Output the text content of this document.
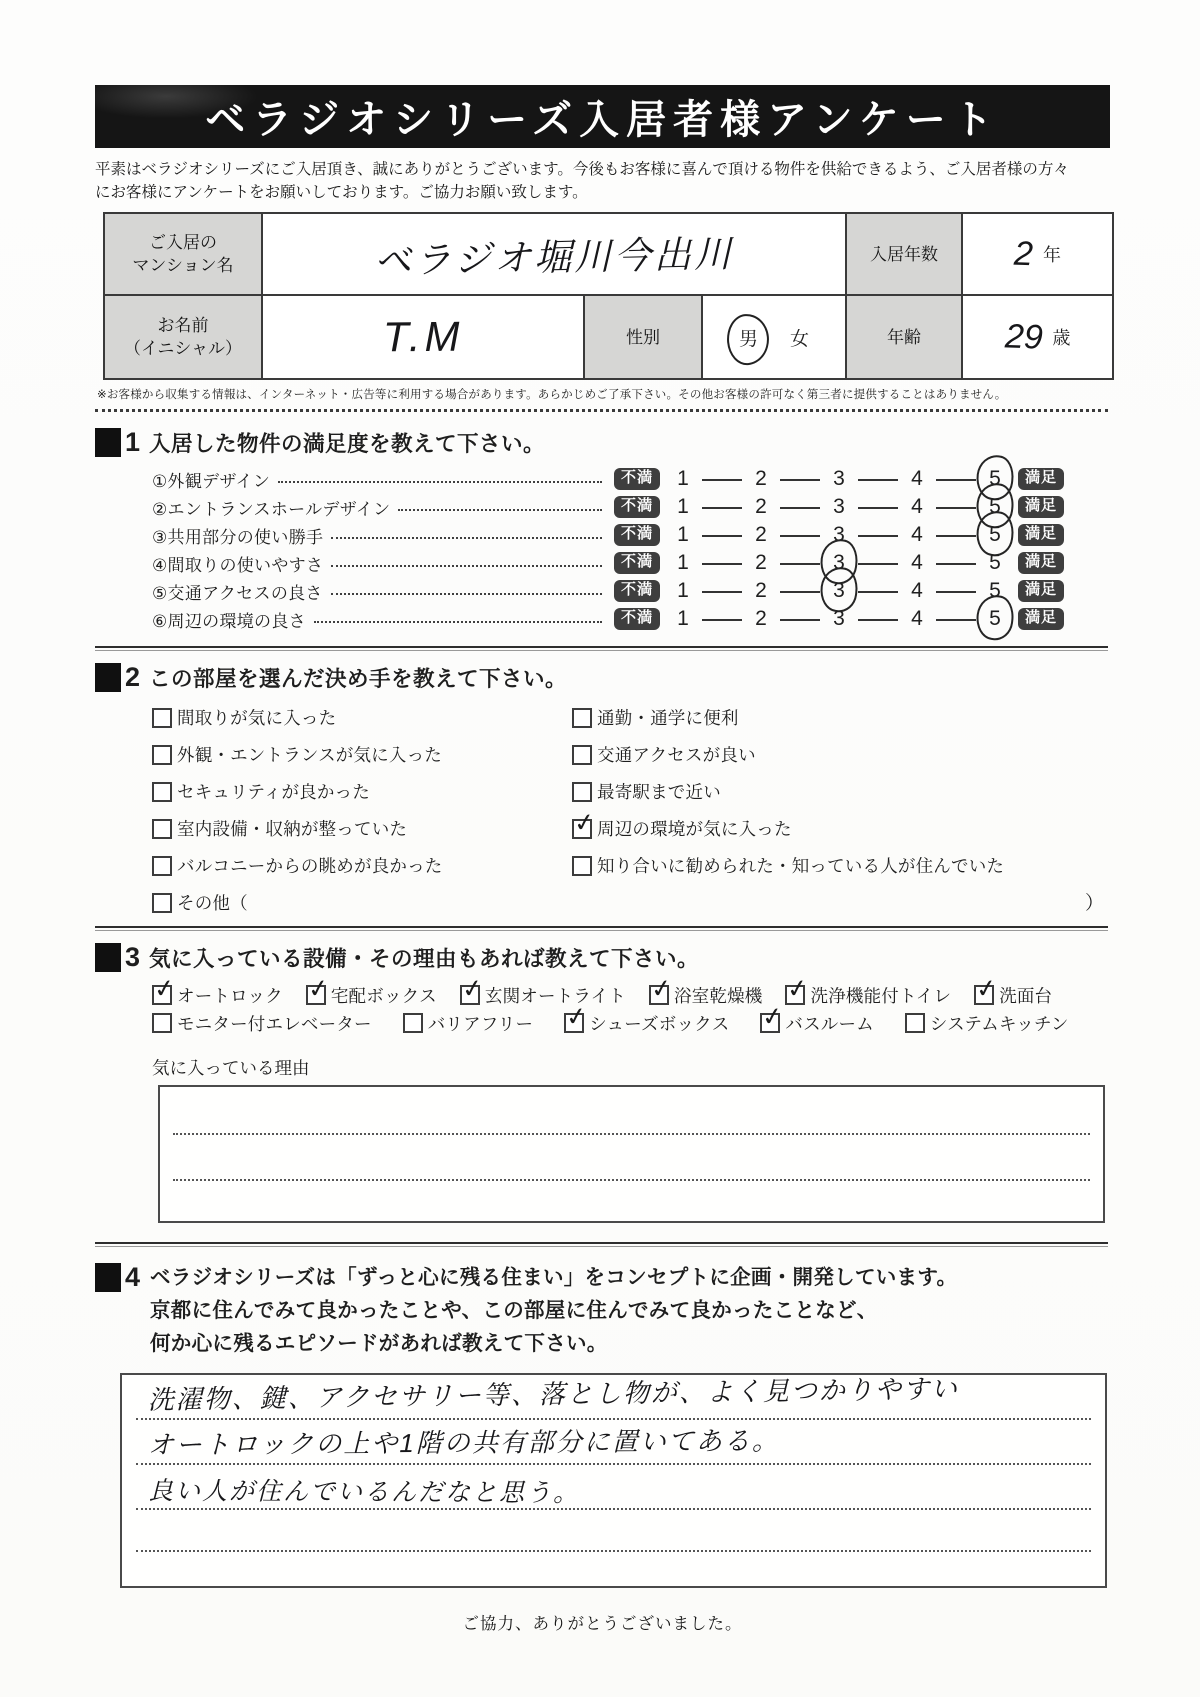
ベラジオシリーズ入居者様アンケート

平素はベラジオシリーズにご入居頂き、誠にありがとうございます。今後もお客様に喜んで頂ける物件を供給できるよう、ご入居者様の方々
にお客様にアンケートをお願いしております。ご協力お願い致します。

ご入居の
マンション名	ベラジオ堀川今出川	入居年数	2 年
お名前
（イニシャル）	T.M	性別	男 女	年齢	29 歳

※お客様から収集する情報は、インターネット・広告等に利用する場合があります。あらかじめご了承下さい。その他お客様の許可なく第三者に提供することはありません。

1 入居した物件の満足度を教えて下さい。
①外観デザイン	不満	1	2	3	4	5	満足
②エントランスホールデザイン	不満	1	2	3	4	5	満足
③共用部分の使い勝手	不満	1	2	3	4	5	満足
④間取りの使いやすさ	不満	1	2	3	4	5	満足
⑤交通アクセスの良さ	不満	1	2	3	4	5	満足
⑥周辺の環境の良さ	不満	1	2	3	4	5	満足
2 この部屋を選んだ決め手を教えて下さい。
）
間取りが気に入った
外観・エントランスが気に入った
セキュリティが良かった
室内設備・収納が整っていた
バルコニーからの眺めが良かった
その他（
通勤・通学に便利
交通アクセスが良い
最寄駅まで近い
✓ 周辺の環境が気に入った
知り合いに勧められた・知っている人が住んでいた
3 気に入っている設備・その理由もあれば教えて下さい。
✓ オートロック ✓ 宅配ボックス ✓ 玄関オートライト ✓ 浴室乾燥機 ✓ 洗浄機能付トイレ ✓ 洗面台
モニター付エレベーター	バリアフリー ✓ シューズボックス ✓ バスルーム	システムキッチン
気に入っている理由
4 ベラジオシリーズは「ずっと心に残る住まい」をコンセプトに企画・開発しています。
京都に住んでみて良かったことや、この部屋に住んでみて良かったことなど、
何か心に残るエピソードがあれば教えて下さい。
洗濯物、鍵、アクセサリー等、落とし物が、よく見つかりやすい
オートロックの上や1階の共有部分に置いてある。
良い人が住んでいるんだなと思う。
ご協力、ありがとうございました。
